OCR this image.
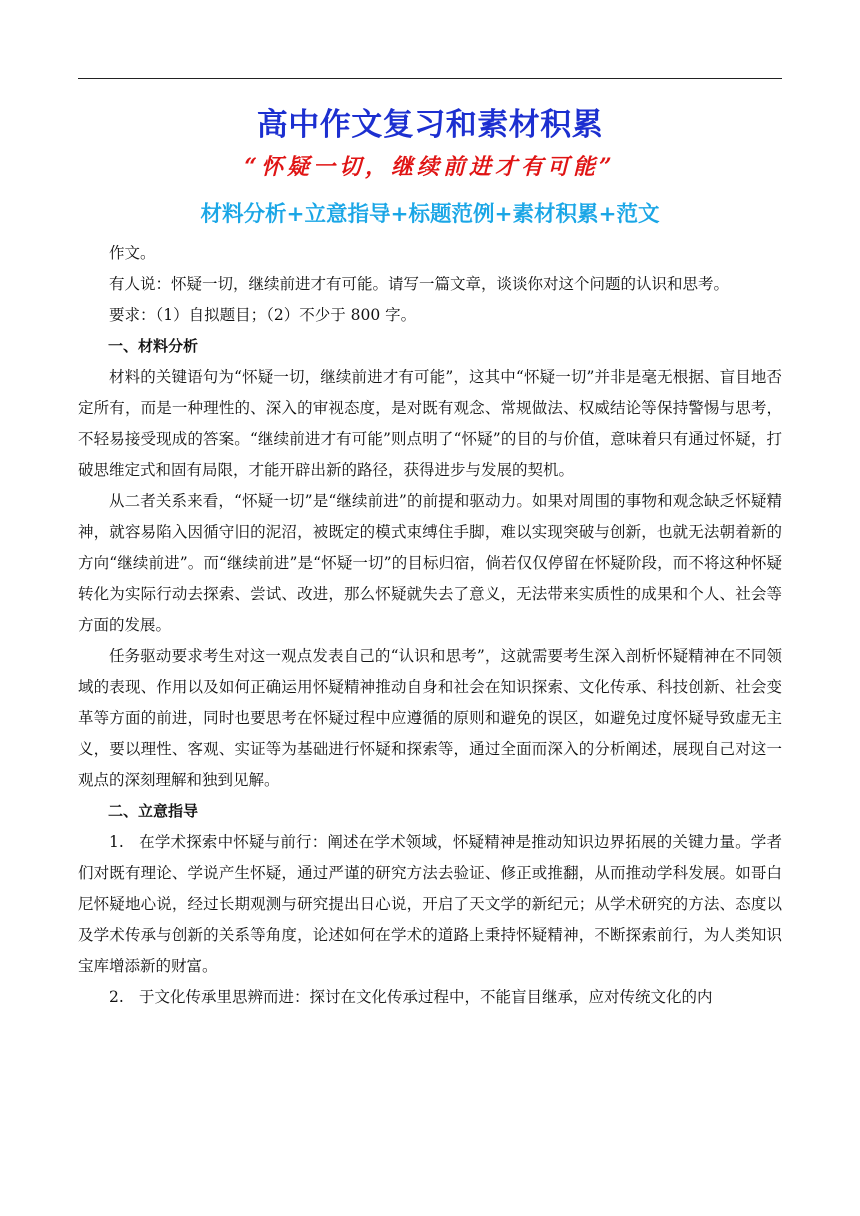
高中作文复习和素材积累
“怀疑一切，继续前进才有可能”
材料分析+立意指导+标题范例+素材积累+范文

作文。

有人说：怀疑一切，继续前进才有可能。请写一篇文章，谈谈你对这个问题的认识和思考。

要求：（1）自拟题目；（2）不少于 800 字。

一、材料分析

材料的关键语句为“怀疑一切，继续前进才有可能”，这其中“怀疑一切”并非是毫无根据、盲目地否定所有，而是一种理性的、深入的审视态度，是对既有观念、常规做法、权威结论等保持警惕与思考，不轻易接受现成的答案。“继续前进才有可能”则点明了“怀疑”的目的与价值，意味着只有通过怀疑，打破思维定式和固有局限，才能开辟出新的路径，获得进步与发展的契机。

从二者关系来看，“怀疑一切”是“继续前进”的前提和驱动力。如果对周围的事物和观念缺乏怀疑精神，就容易陷入因循守旧的泥沼，被既定的模式束缚住手脚，难以实现突破与创新，也就无法朝着新的方向“继续前进”。而“继续前进”是“怀疑一切”的目标归宿，倘若仅仅停留在怀疑阶段，而不将这种怀疑转化为实际行动去探索、尝试、改进，那么怀疑就失去了意义，无法带来实质性的成果和个人、社会等方面的发展。

任务驱动要求考生对这一观点发表自己的“认识和思考”，这就需要考生深入剖析怀疑精神在不同领域的表现、作用以及如何正确运用怀疑精神推动自身和社会在知识探索、文化传承、科技创新、社会变革等方面的前进，同时也要思考在怀疑过程中应遵循的原则和避免的误区，如避免过度怀疑导致虚无主义，要以理性、客观、实证等为基础进行怀疑和探索等，通过全面而深入的分析阐述，展现自己对这一观点的深刻理解和独到见解。

二、立意指导

1. 在学术探索中怀疑与前行：阐述在学术领域，怀疑精神是推动知识边界拓展的关键力量。学者们对既有理论、学说产生怀疑，通过严谨的研究方法去验证、修正或推翻，从而推动学科发展。如哥白尼怀疑地心说，经过长期观测与研究提出日心说，开启了天文学的新纪元；从学术研究的方法、态度以及学术传承与创新的关系等角度，论述如何在学术的道路上秉持怀疑精神，不断探索前行，为人类知识宝库增添新的财富。

2. 于文化传承里思辨而进：探讨在文化传承过程中，不能盲目继承，应对传统文化的内
